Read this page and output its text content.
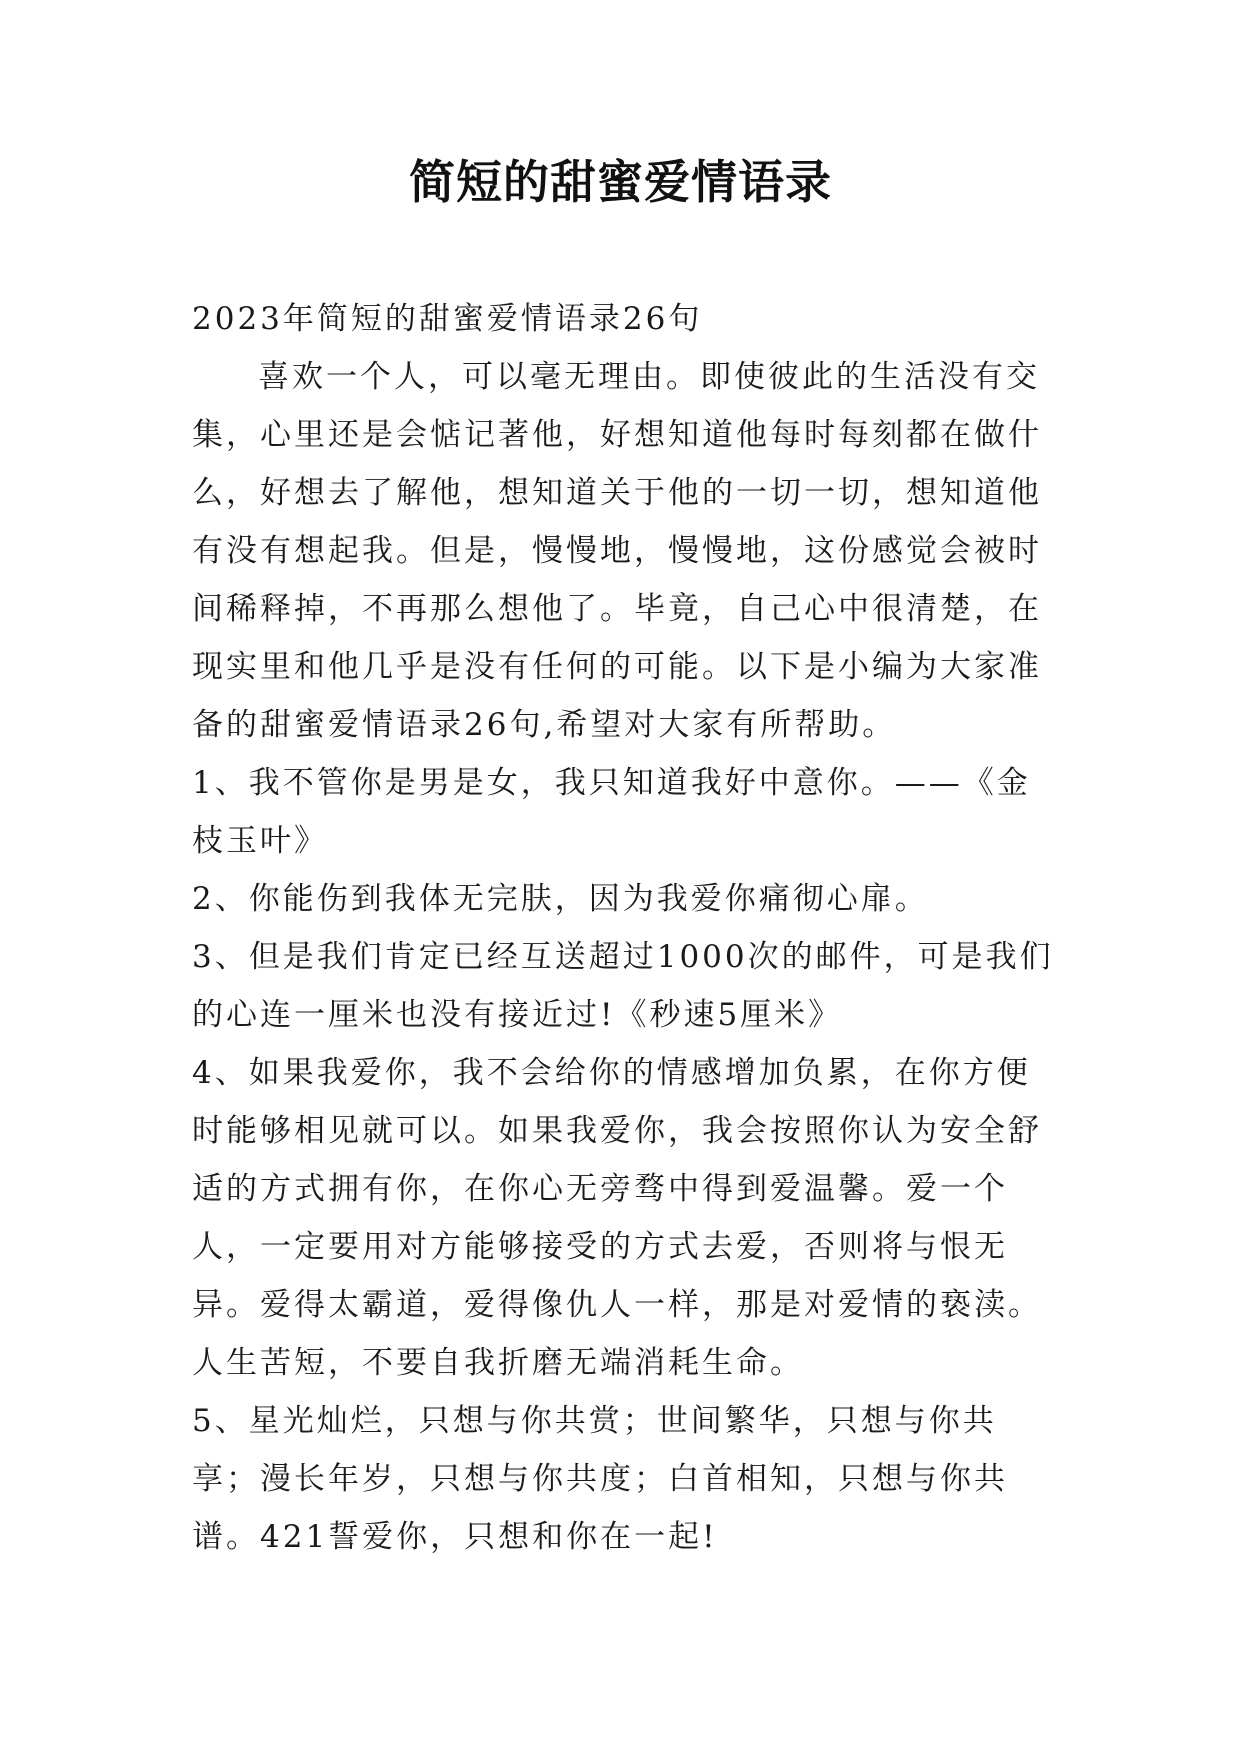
简短的甜蜜爱情语录

2023年简短的甜蜜爱情语录26句

喜欢一个人，可以毫无理由。即使彼此的生活没有交集，心里还是会惦记著他，好想知道他每时每刻都在做什么，好想去了解他，想知道关于他的一切一切，想知道他有没有想起我。但是，慢慢地，慢慢地，这份感觉会被时间稀释掉，不再那么想他了。毕竟，自己心中很清楚，在现实里和他几乎是没有任何的可能。以下是小编为大家准备的甜蜜爱情语录26句,希望对大家有所帮助。

1、我不管你是男是女，我只知道我好中意你。——《金枝玉叶》

2、你能伤到我体无完肤，因为我爱你痛彻心扉。

3、但是我们肯定已经互送超过1000次的邮件，可是我们的心连一厘米也没有接近过!《秒速5厘米》

4、如果我爱你，我不会给你的情感增加负累，在你方便时能够相见就可以。如果我爱你，我会按照你认为安全舒适的方式拥有你，在你心无旁骛中得到爱温馨。爱一个人，一定要用对方能够接受的方式去爱，否则将与恨无异。爱得太霸道，爱得像仇人一样，那是对爱情的亵渎。人生苦短，不要自我折磨无端消耗生命。

5、星光灿烂，只想与你共赏；世间繁华，只想与你共享；漫长年岁，只想与你共度；白首相知，只想与你共谱。421誓爱你，只想和你在一起!
